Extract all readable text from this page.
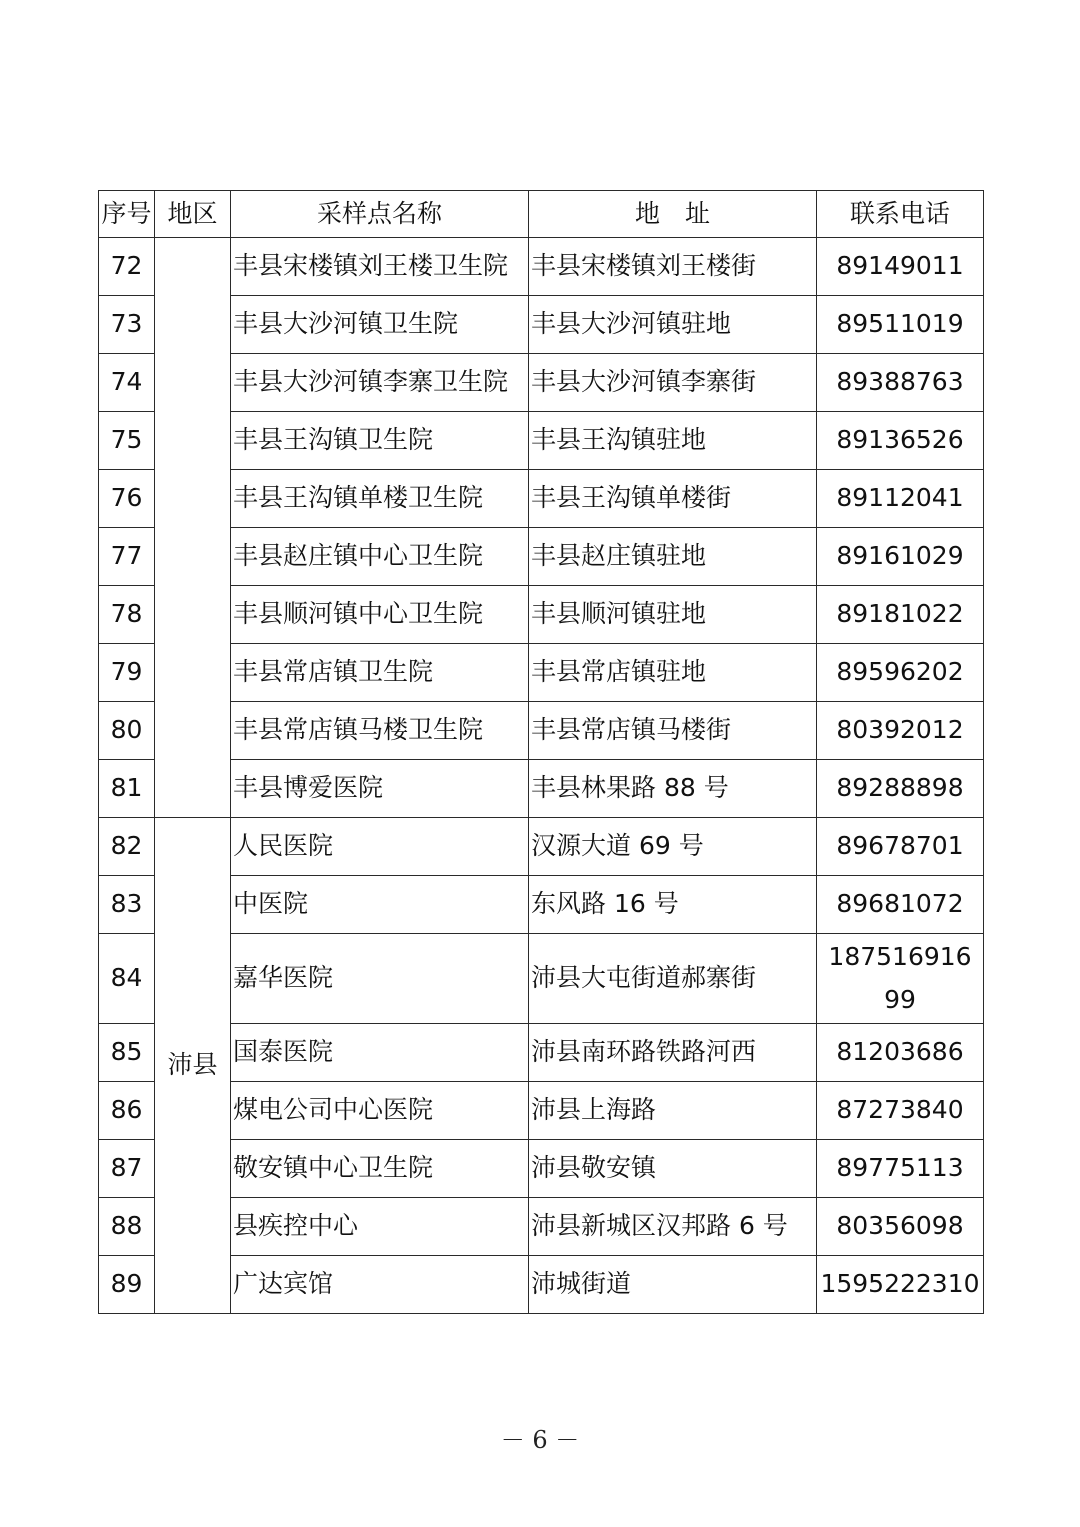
序号	地区	采样点名称	地　址	联系电话
72		丰县宋楼镇刘王楼卫生院	丰县宋楼镇刘王楼街	89149011
73		丰县大沙河镇卫生院	丰县大沙河镇驻地	89511019
74		丰县大沙河镇李寨卫生院	丰县大沙河镇李寨街	89388763
75		丰县王沟镇卫生院	丰县王沟镇驻地	89136526
76		丰县王沟镇单楼卫生院	丰县王沟镇单楼街	89112041
77		丰县赵庄镇中心卫生院	丰县赵庄镇驻地	89161029
78		丰县顺河镇中心卫生院	丰县顺河镇驻地	89181022
79		丰县常店镇卫生院	丰县常店镇驻地	89596202
80		丰县常店镇马楼卫生院	丰县常店镇马楼街	80392012
81		丰县博爱医院	丰县林果路 88 号	89288898
82	沛县	人民医院	汉源大道 69 号	89678701
83		中医院	东风路 16 号	89681072
84		嘉华医院	沛县大屯街道郝寨街	18751691699
85		国泰医院	沛县南环路铁路河西	81203686
86		煤电公司中心医院	沛县上海路	87273840
87		敬安镇中心卫生院	沛县敬安镇	89775113
88		县疾控中心	沛县新城区汉邦路 6 号	80356098
89		广达宾馆	沛城街道	1595222310
－ 6 －
